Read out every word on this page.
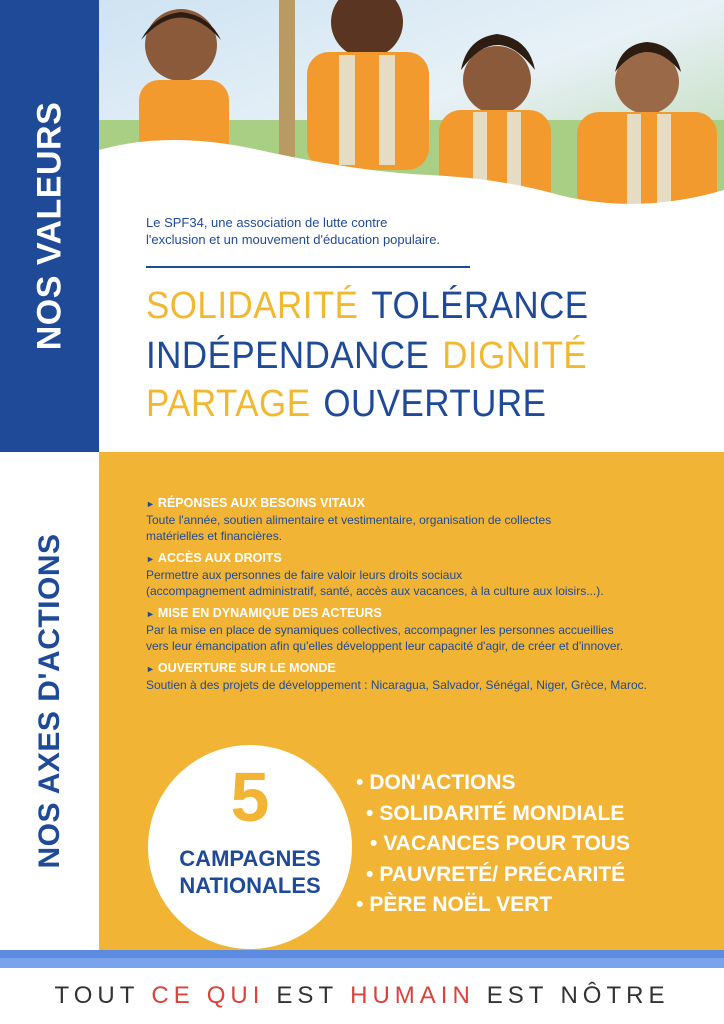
NOS VALEURS
NOS AXES D'ACTIONS
Le SPF34, une association de lutte contre
l'exclusion et un mouvement d'éducation populaire.
SOLIDARITÉ TOLÉRANCE
INDÉPENDANCE DIGNITÉ
PARTAGE OUVERTURE
► RÉPONSES AUX BESOINS VITAUX
Toute l'année, soutien alimentaire et vestimentaire, organisation de collectes
matérielles et financières.
► ACCÈS AUX DROITS
Permettre aux personnes de faire valoir leurs droits sociaux
(accompagnement administratif, santé, accès aux vacances, à la culture aux loisirs...).
► MISE EN DYNAMIQUE DES ACTEURS
Par la mise en place de synamiques collectives, accompagner les personnes accueillies
vers leur émancipation afin qu'elles développent leur capacité d'agir, de créer et d'innover.
► OUVERTURE SUR LE MONDE
Soutien à des projets de développement : Nicaragua, Salvador, Sénégal, Niger, Grèce, Maroc.
5
CAMPAGNES
NATIONALES
• DON'ACTIONS
• SOLIDARITÉ MONDIALE
• VACANCES POUR TOUS
• PAUVRETÉ/ PRÉCARITÉ
• PÈRE NOËL VERT
TOUT CE QUI EST HUMAIN EST NÔTRE
